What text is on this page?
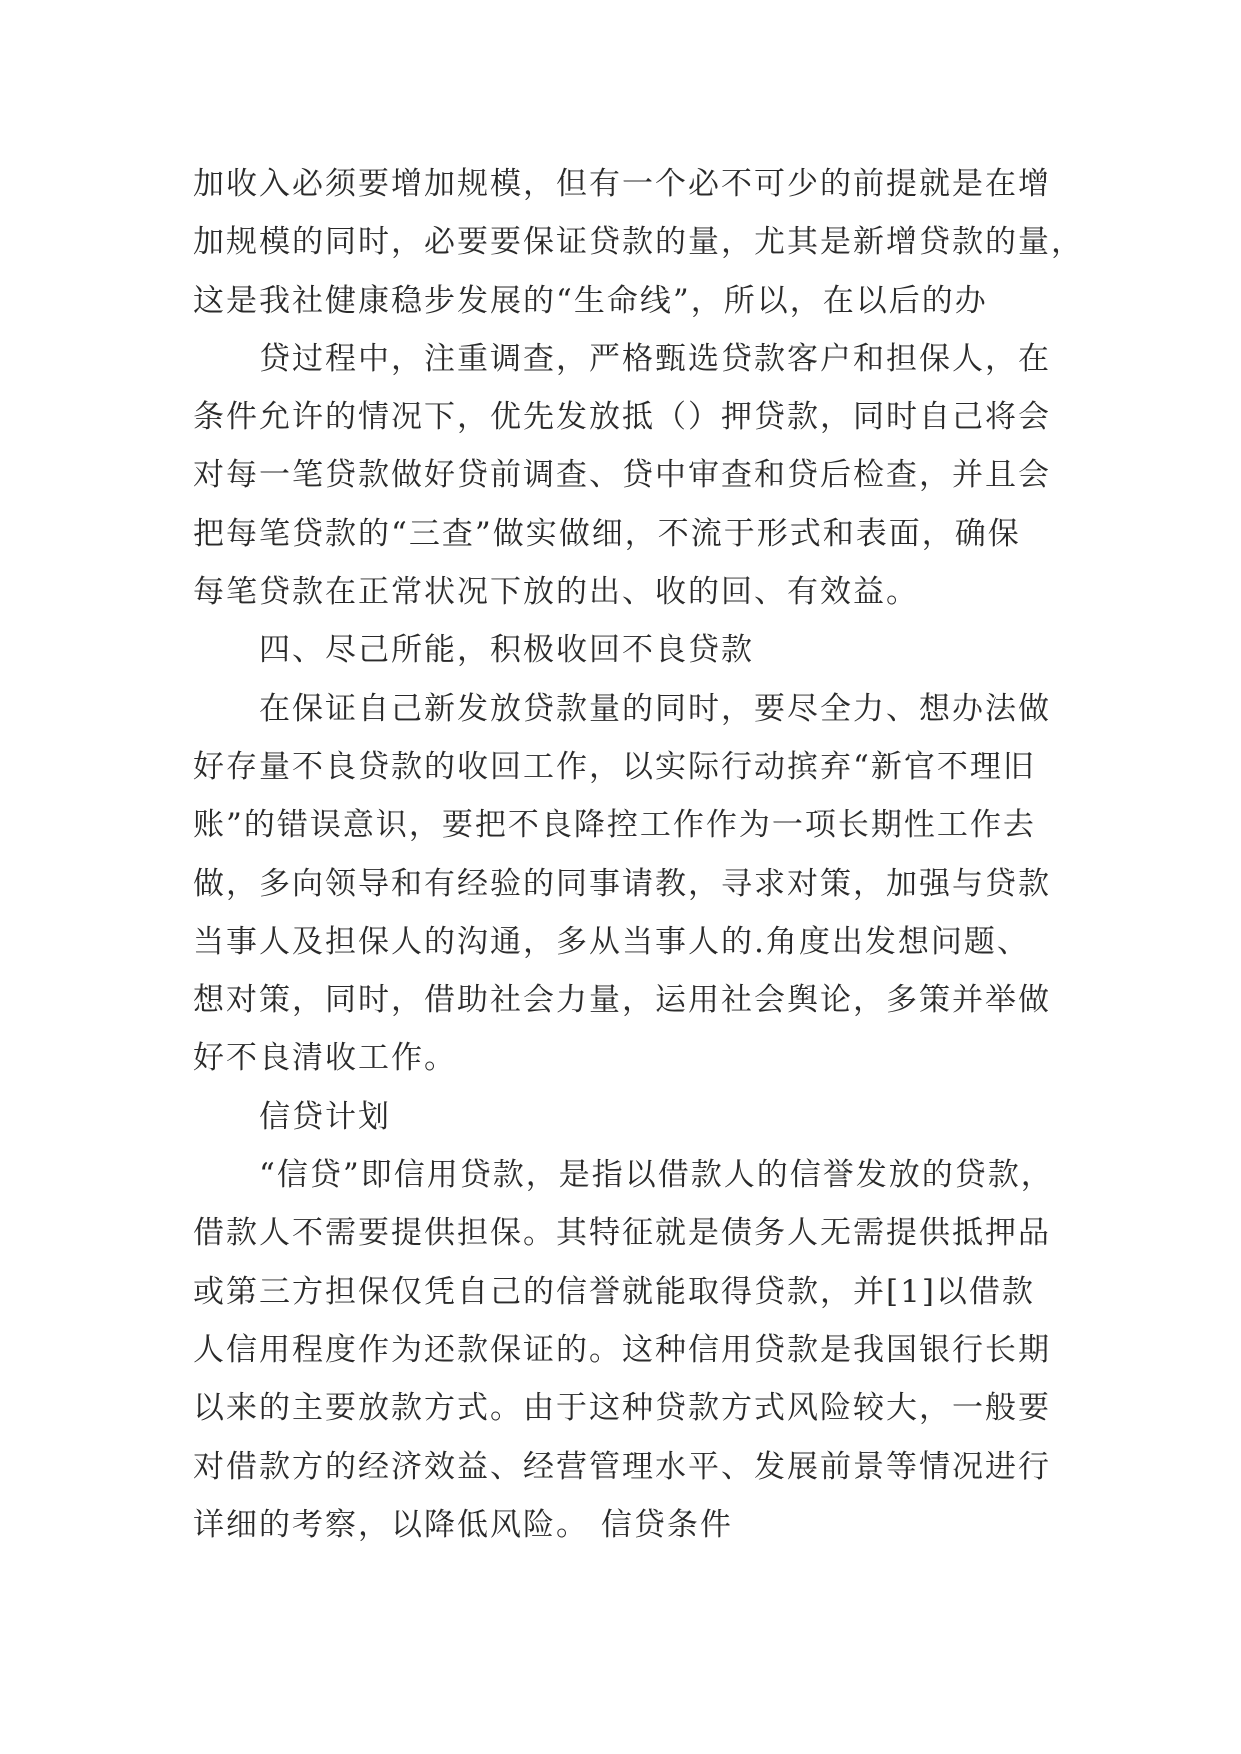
加收入必须要增加规模，但有一个必不可少的前提就是在增
加规模的同时，必要要保证贷款的量，尤其是新增贷款的量，
这是我社健康稳步发展的“生命线”，所以，在以后的办
贷过程中，注重调查，严格甄选贷款客户和担保人，在
条件允许的情况下，优先发放抵（）押贷款，同时自己将会
对每一笔贷款做好贷前调查、贷中审查和贷后检查，并且会
把每笔贷款的“三查”做实做细，不流于形式和表面，确保
每笔贷款在正常状况下放的出、收的回、有效益。
四、尽己所能，积极收回不良贷款
在保证自己新发放贷款量的同时，要尽全力、想办法做
好存量不良贷款的收回工作，以实际行动摈弃“新官不理旧
账”的错误意识，要把不良降控工作作为一项长期性工作去
做，多向领导和有经验的同事请教，寻求对策，加强与贷款
当事人及担保人的沟通，多从当事人的.角度出发想问题、
想对策，同时，借助社会力量，运用社会舆论，多策并举做
好不良清收工作。
信贷计划
“信贷”即信用贷款，是指以借款人的信誉发放的贷款，
借款人不需要提供担保。其特征就是债务人无需提供抵押品
或第三方担保仅凭自己的信誉就能取得贷款，并[1]以借款
人信用程度作为还款保证的。这种信用贷款是我国银行长期
以来的主要放款方式。由于这种贷款方式风险较大，一般要
对借款方的经济效益、经营管理水平、发展前景等情况进行
详细的考察，以降低风险。 信贷条件
